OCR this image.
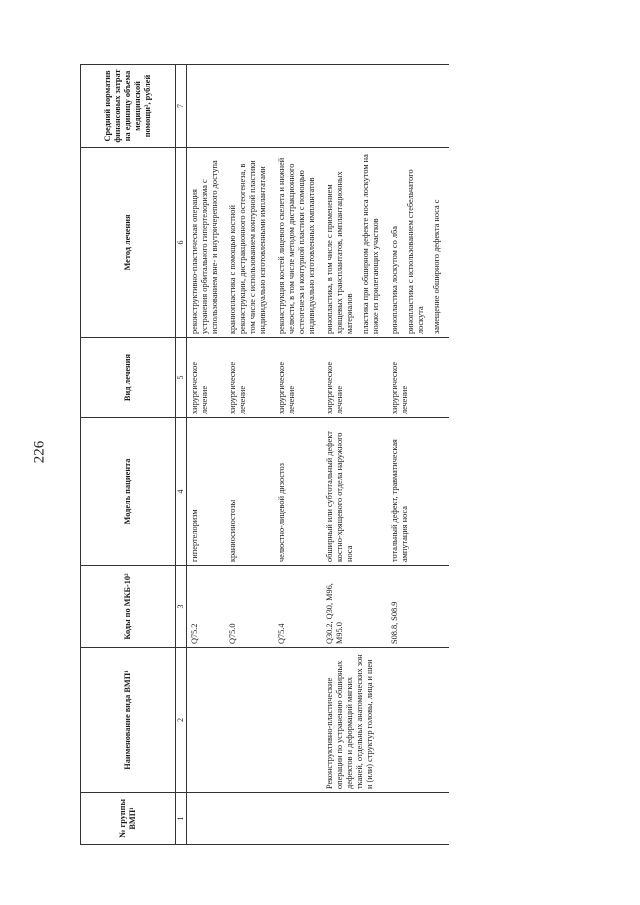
226
№ группы ВМП¹	Наименование вида ВМП¹	Коды по МКБ-10²	Модель пациента	Вид лечения	Метод лечения	Средний норматив финансовых затрат на единицу объема медицинской помощи³, рублей
1	2	3	4	5	6	7
		Q75.2	гипертелоризм	хирургическое лечение	реконструктивно-пластическая операция устранения орбитального гипертелоризма с использованием вне- и внутричерепного доступа	

		Q75.0	краниосиностозы	хирургическое лечение	краниопластика с помощью костной реконструкции, дистракционного остеогенеза, в том числе с использованием контурной пластики индивидуально изготовленными имплантатами	

		Q75.4	челюстно-лицевой дизостоз	хирургическое лечение	реконструкция костей лицевого скелета и нижней челюсти, в том числе методом дистракционного остеогенеза и контурной пластики с помощью индивидуально изготовленных имплантатов	

	Реконструктивно-пластические операции по устранению обширных дефектов и деформаций мягких тканей, отдельных анатомических зон и (или) структур головы, лица и шеи	Q30.2, Q30, M96, M95.0	обширный или субтотальный дефект костно-хрящевого отдела наружного носа	хирургическое лечение	ринопластика, в том числе с применением хрящевых трансплантатов, имплантационных материалов пластика при обширном дефекте носа лоскутом на ножке из прилегающих участков	

		S08.8, S08.9	тотальный дефект, травматическая ампутация носа	хирургическое лечение	ринопластика лоскутом со лба ринопластика с использованием стебельчатого лоскута замещение обширного дефекта носа с	
